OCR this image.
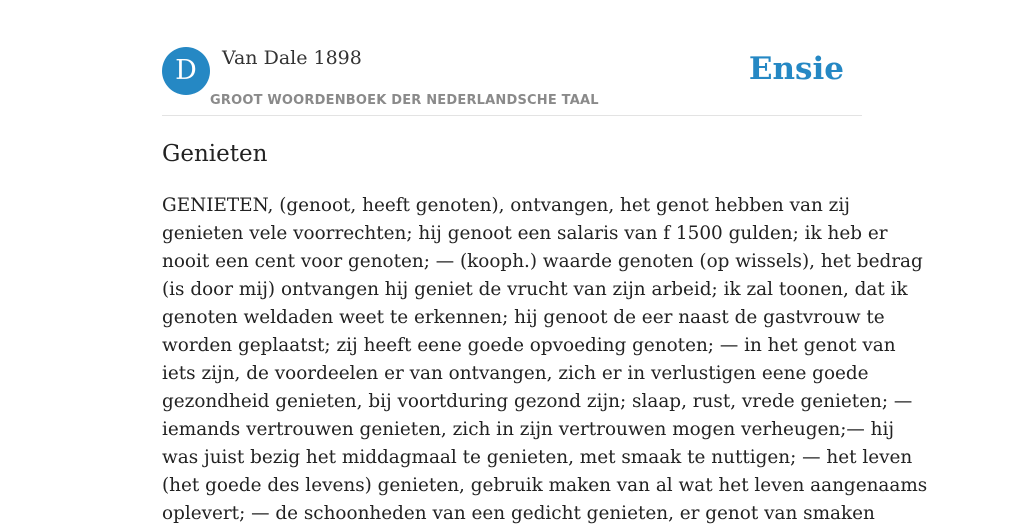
D	Van Dale 1898
GROOT WOORDENBOEK DER NEDERLANDSCHE TAAL
Ensie
Genieten

GENIETEN, (genoot, heeft genoten), ontvangen, het genot hebben van zij
genieten vele voorrechten; hij genoot een salaris van f 1500 gulden; ik heb er
nooit een cent voor genoten; — (kooph.) waarde genoten (op wissels), het bedrag
(is door mij) ontvangen hij geniet de vrucht van zijn arbeid; ik zal toonen, dat ik
genoten weldaden weet te erkennen; hij genoot de eer naast de gastvrouw te
worden geplaatst; zij heeft eene goede opvoeding genoten; — in het genot van
iets zijn, de voordeelen er van ontvangen, zich er in verlustigen eene goede
gezondheid genieten, bij voortduring gezond zijn; slaap, rust, vrede genieten; —
iemands vertrouwen genieten, zich in zijn vertrouwen mogen verheugen;— hij
was juist bezig het middagmaal te genieten, met smaak te nuttigen; — het leven
(het goede des levens) genieten, gebruik maken van al wat het leven aangenaams
oplevert; — de schoonheden van een gedicht genieten, er genot van smaken
